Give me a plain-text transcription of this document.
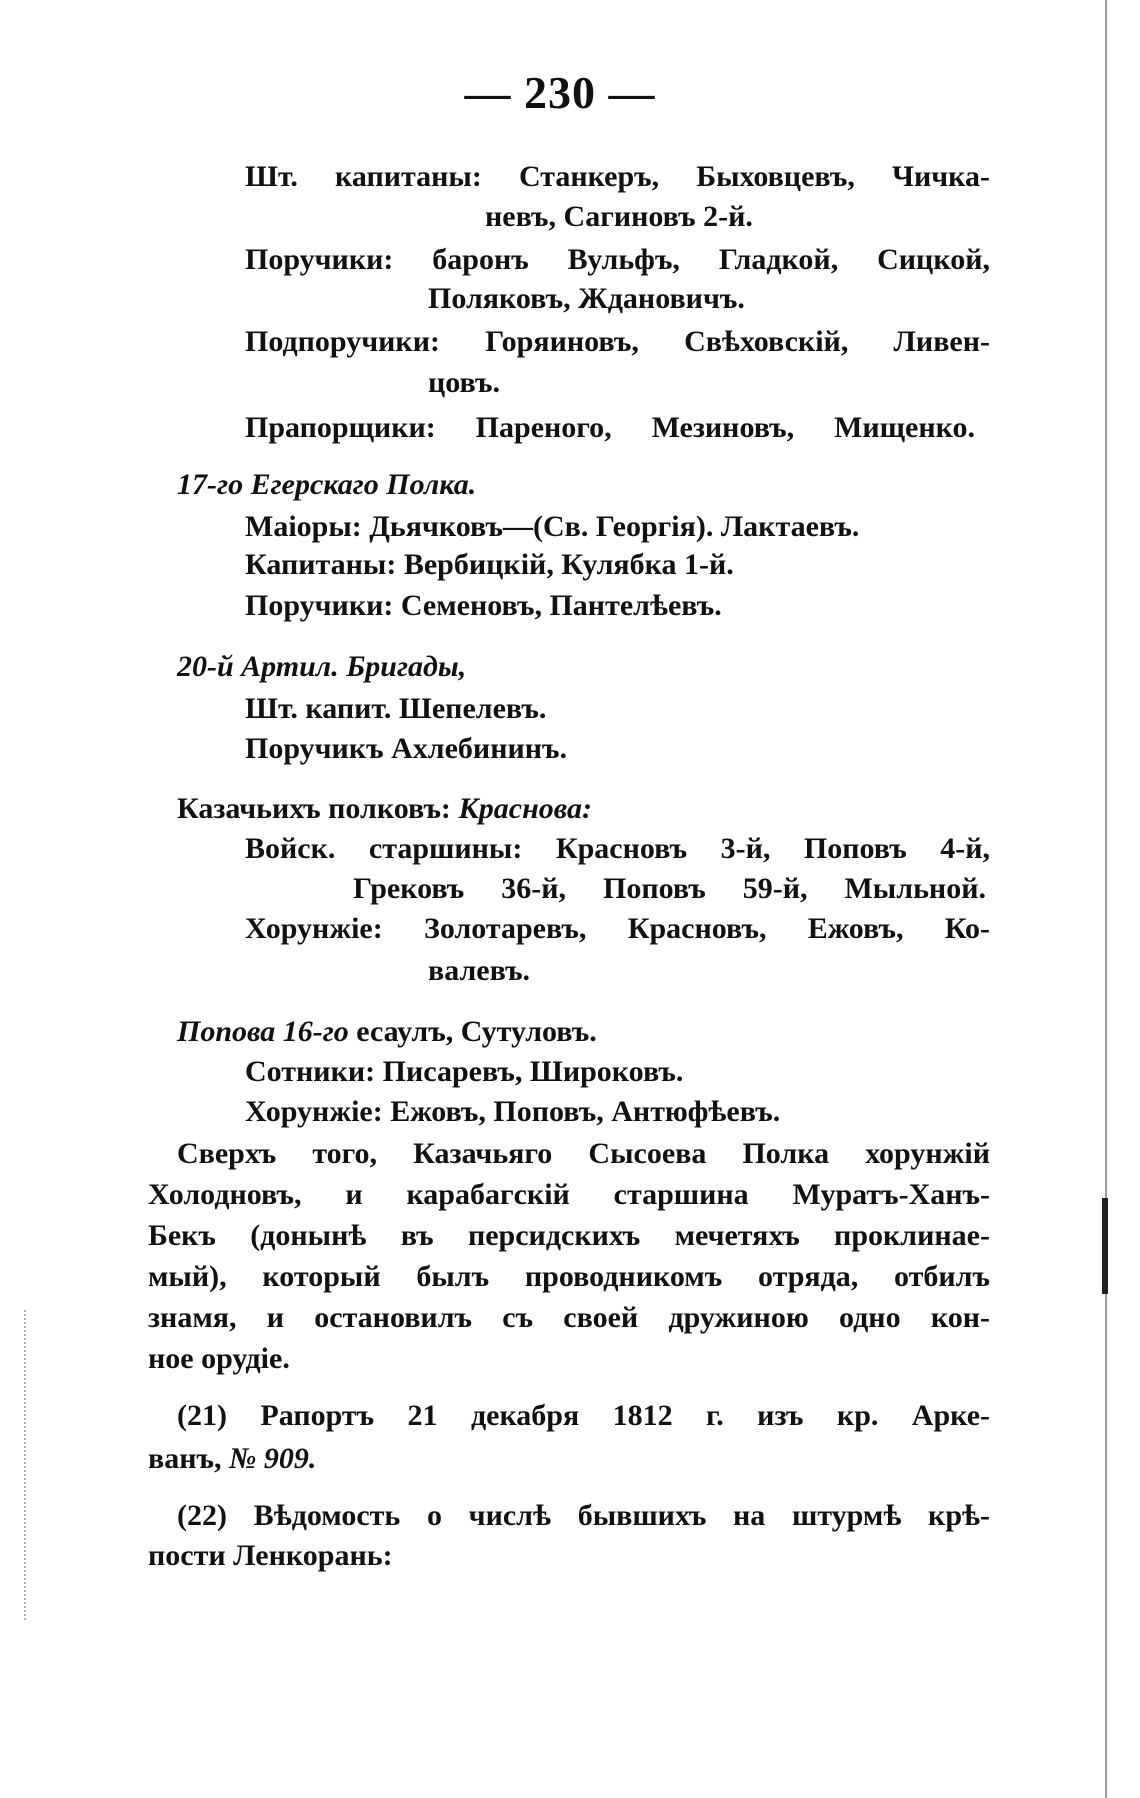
— 230 —
Шт. капитаны: Станкеръ, Быховцевъ, Чичка-
невъ, Сагиновъ 2-й.
Поручики: баронъ Вульфъ, Гладкой, Сицкой,
Поляковъ, Ждановичъ.
Подпоручики: Горяиновъ, Свѣховскій, Ливен-
цовъ.
Прапорщики: Пареного, Мезиновъ, Мищенко.
17-го Егерскаго Полка.
Маіоры: Дьячковъ—(Св. Георгія). Лактаевъ.
Капитаны: Вербицкій, Кулябка 1-й.
Поручики: Семеновъ, Пантелѣевъ.
20-й Артил. Бригады,
Шт. капит. Шепелевъ.
Поручикъ Ахлебининъ.
Казачьихъ полковъ: Краснова:
Войск. старшины: Красновъ 3-й, Поповъ 4-й,
Грековъ 36-й, Поповъ 59-й, Мыльной.
Хорунжіе: Золотаревъ, Красновъ, Ежовъ, Ко-
валевъ.
Попова 16-го есаулъ, Сутуловъ.
Сотники: Писаревъ, Широковъ.
Хорунжіе: Ежовъ, Поповъ, Антюфѣевъ.
Сверхъ того, Казачьяго Сысоева Полка хорунжій
Холодновъ, и карабагскій старшина Муратъ-Ханъ-
Бекъ (донынѣ въ персидскихъ мечетяхъ проклинае-
мый), который былъ проводникомъ отряда, отбилъ
знамя, и остановилъ съ своей дружиною одно кон-
ное орудіе.
(21) Рапортъ 21 декабря 1812 г. изъ кр. Арке-
ванъ, № 909.
(22) Вѣдомость о числѣ бывшихъ на штурмѣ крѣ-
пости Ленкорань:
